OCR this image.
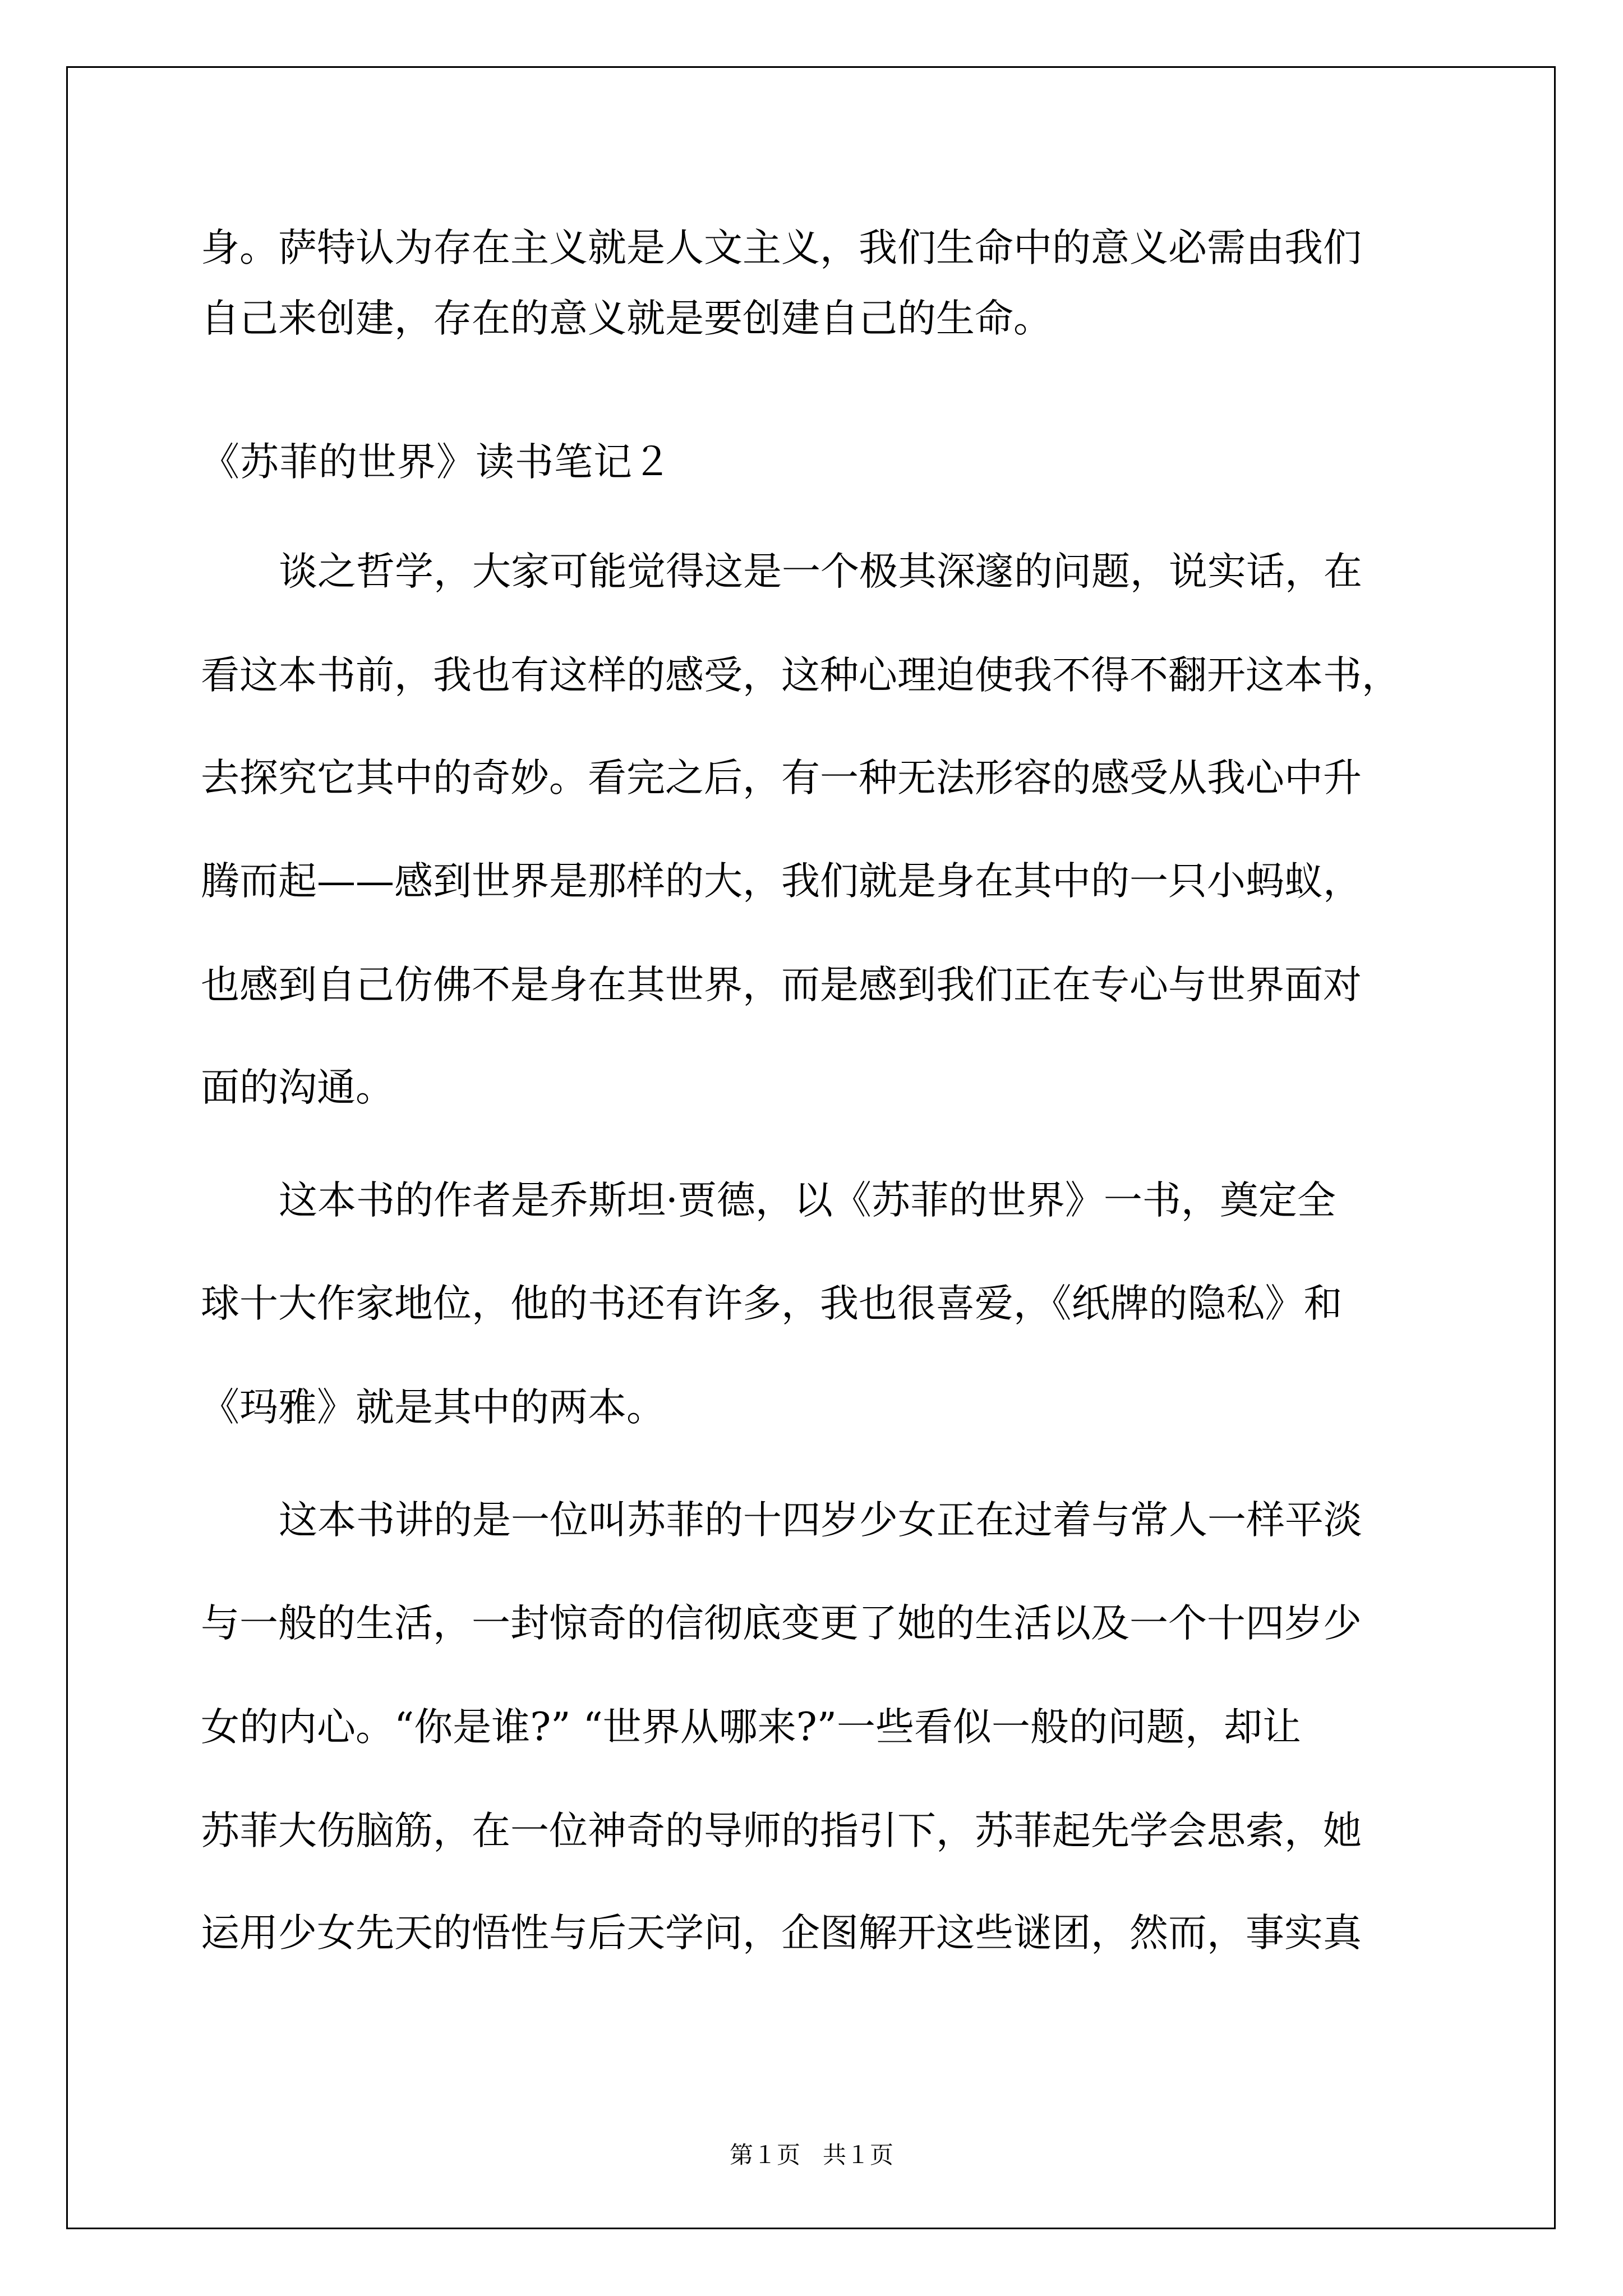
身。萨特认为存在主义就是人文主义，我们生命中的意义必需由我们
自己来创建，存在的意义就是要创建自己的生命。
《苏菲的世界》读书笔记２
谈之哲学，大家可能觉得这是一个极其深邃的问题，说实话，在
看这本书前，我也有这样的感受，这种心理迫使我不得不翻开这本书，
去探究它其中的奇妙。看完之后，有一种无法形容的感受从我心中升
腾而起——感到世界是那样的大，我们就是身在其中的一只小蚂蚁，
也感到自己仿佛不是身在其世界，而是感到我们正在专心与世界面对
面的沟通。
这本书的作者是乔斯坦·贾德，以《苏菲的世界》一书，奠定全
球十大作家地位，他的书还有许多，我也很喜爱，《纸牌的隐私》和
《玛雅》就是其中的两本。
这本书讲的是一位叫苏菲的十四岁少女正在过着与常人一样平淡
与一般的生活，一封惊奇的信彻底变更了她的生活以及一个十四岁少
女的内心。“你是谁?” “世界从哪来?”一些看似一般的问题，却让
苏菲大伤脑筋，在一位神奇的导师的指引下，苏菲起先学会思索，她
运用少女先天的悟性与后天学问，企图解开这些谜团，然而，事实真
第１页   共１页
